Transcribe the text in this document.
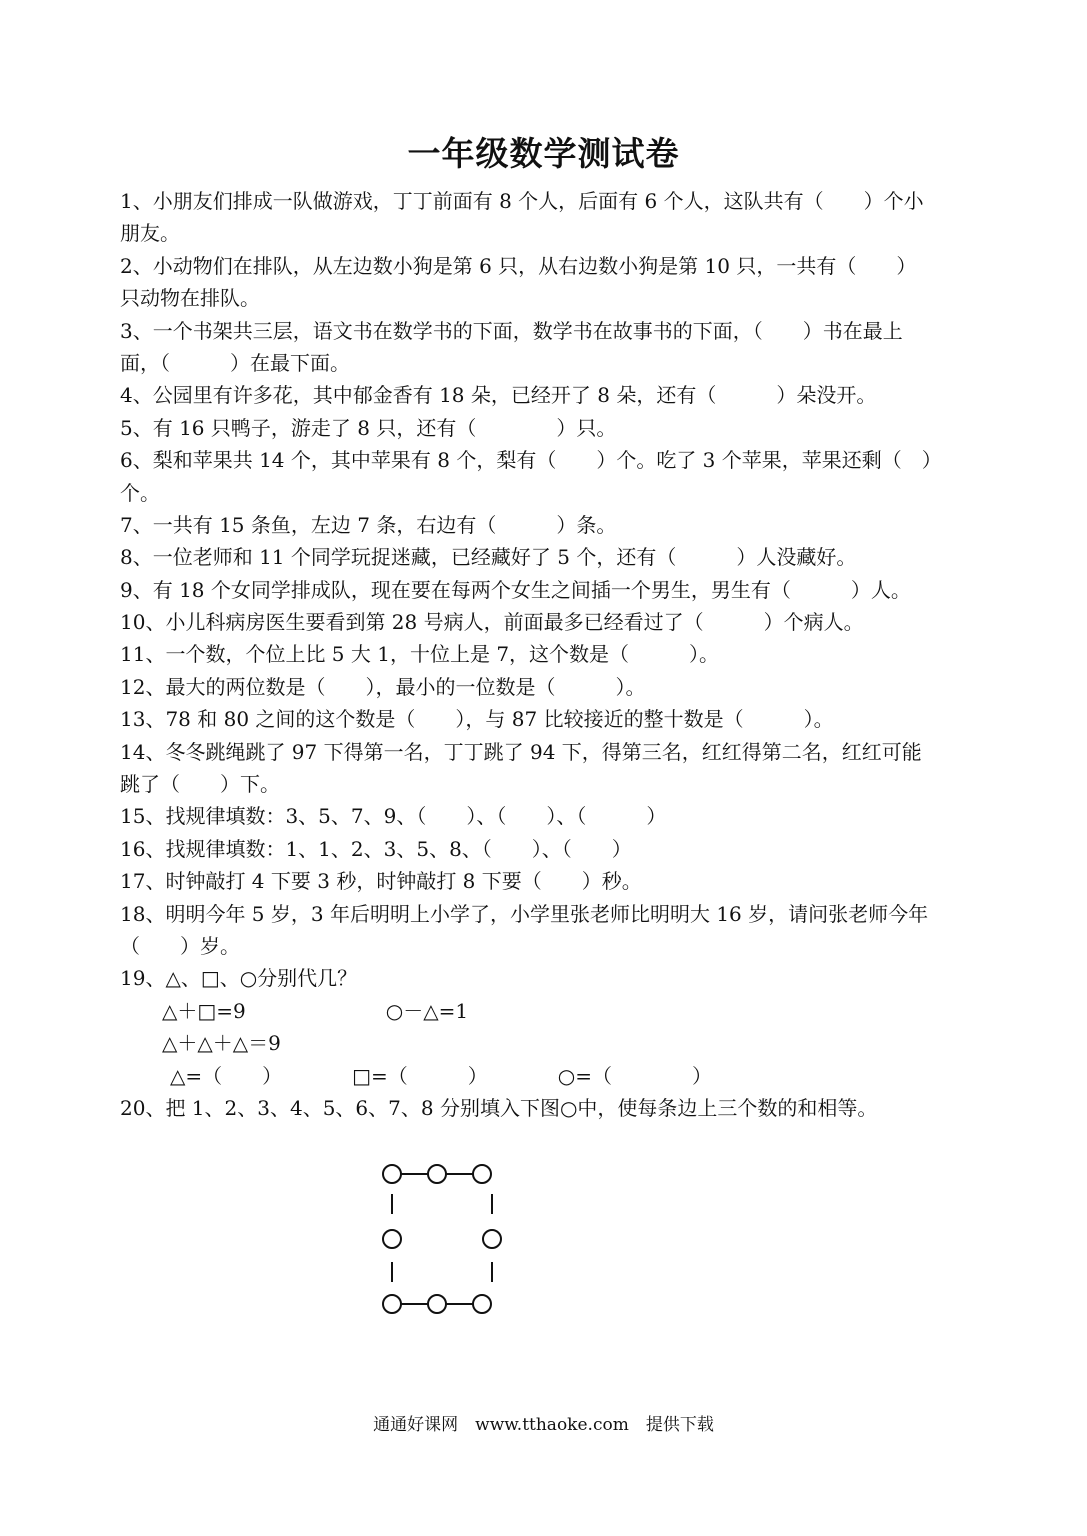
一年级数学测试卷
1、小朋友们排成一队做游戏，丁丁前面有 8 个人，后面有 6 个人，这队共有（　　）个小
朋友。
2、小动物们在排队，从左边数小狗是第 6 只，从右边数小狗是第 10 只，一共有（　　）
只动物在排队。
3、一个书架共三层，语文书在数学书的下面，数学书在故事书的下面，（　　）书在最上
面，（　　　）在最下面。
4、公园里有许多花，其中郁金香有 18 朵，已经开了 8 朵，还有（　　　）朵没开。
5、有 16 只鸭子，游走了 8 只，还有（　　　　）只。
6、梨和苹果共 14 个，其中苹果有 8 个，梨有（　　）个。吃了 3 个苹果，苹果还剩（　）
个。
7、一共有 15 条鱼，左边 7 条，右边有（　　　）条。
8、一位老师和 11 个同学玩捉迷藏，已经藏好了 5 个，还有（　　　）人没藏好。
9、有 18 个女同学排成队，现在要在每两个女生之间插一个男生，男生有（　　　）人。
10、小儿科病房医生要看到第 28 号病人，前面最多已经看过了（　　　）个病人。
11、一个数，个位上比 5 大 1，十位上是 7，这个数是（　　　）。
12、最大的两位数是（　　），最小的一位数是（　　　）。
13、78 和 80 之间的这个数是（　　），与 87 比较接近的整十数是（　　　）。
14、冬冬跳绳跳了 97 下得第一名，丁丁跳了 94 下，得第三名，红红得第二名，红红可能
跳了（　　）下。
15、找规律填数：3、5、7、9、（　　）、（　　）、（　　　）
16、找规律填数：1、1、2、3、5、8、（　　）、（　　）
17、时钟敲打 4 下要 3 秒，时钟敲打 8 下要（　　）秒。
18、明明今年 5 岁，3 年后明明上小学了，小学里张老师比明明大 16 岁，请问张老师今年
（　　）岁。
19、△、□、○分别代几？
△＋□=9　　　　　　　○－△=1
△＋△＋△＝9
△=（　　）　　　　□=（　　　）　　　　○=（　　　　）
20、把 1、2、3、4、5、6、7、8 分别填入下图○中，使每条边上三个数的和相等。
通通好课网　www.tthaoke.com　提供下载
